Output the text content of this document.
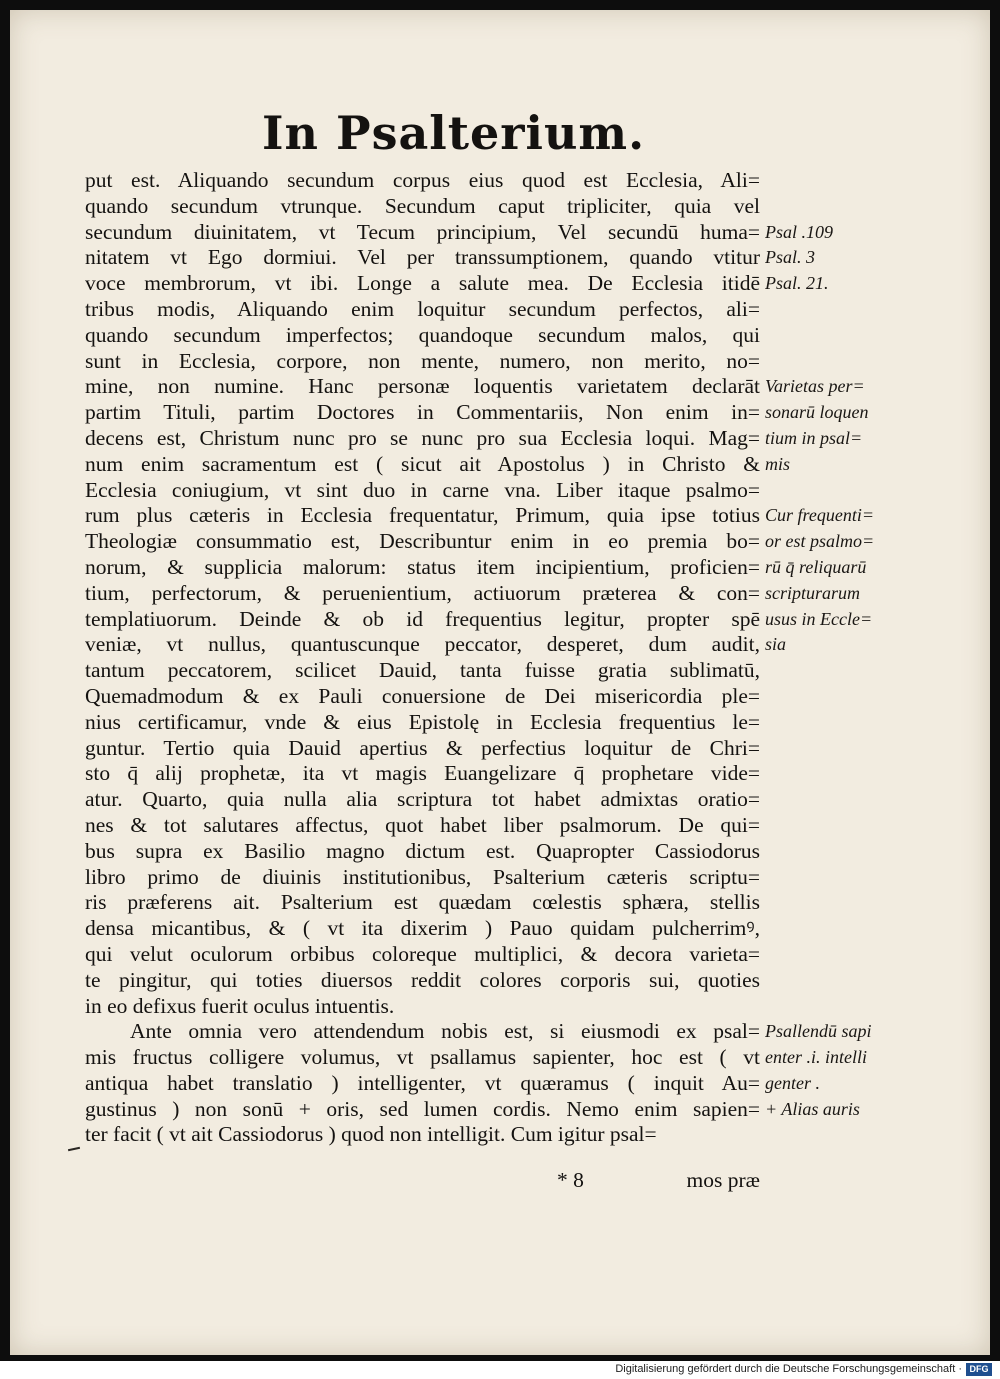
In Psalterium.
put est. Aliquando secundum corpus eius quod est Ecclesia, Ali=
quando secundum vtrunque. Secundum caput tripliciter, quia vel
secundum diuinitatem, vt Tecum principium, Vel secundū huma=
nitatem vt Ego dormiui. Vel per transsumptionem, quando vtitur
voce membrorum, vt ibi. Longe a salute mea. De Ecclesia itidē
tribus modis, Aliquando enim loquitur secundum perfectos, ali=
quando secundum imperfectos; quandoque secundum malos, qui
sunt in Ecclesia, corpore, non mente, numero, non merito, no=
mine, non numine. Hanc personæ loquentis varietatem declarāt
partim Tituli, partim Doctores in Commentariis, Non enim in=
decens est, Christum nunc pro se nunc pro sua Ecclesia loqui. Mag=
num enim sacramentum est ( sicut ait Apostolus ) in Christo &
Ecclesia coniugium, vt sint duo in carne vna. Liber itaque psalmo=
rum plus cæteris in Ecclesia frequentatur, Primum, quia ipse totius
Theologiæ consummatio est, Describuntur enim in eo premia bo=
norum, & supplicia malorum: status item incipientium, proficien=
tium, perfectorum, & peruenientium, actiuorum præterea & con=
templatiuorum. Deinde & ob id frequentius legitur, propter spē
veniæ, vt nullus, quantuscunque peccator, desperet, dum audit,
tantum peccatorem, scilicet Dauid, tanta fuisse gratia sublimatū,
Quemadmodum & ex Pauli conuersione de Dei misericordia ple=
nius certificamur, vnde & eius Epistolę in Ecclesia frequentius le=
guntur. Tertio quia Dauid apertius & perfectius loquitur de Chri=
sto q̄ alij prophetæ, ita vt magis Euangelizare q̄ prophetare vide=
atur. Quarto, quia nulla alia scriptura tot habet admixtas oratio=
nes & tot salutares affectus, quot habet liber psalmorum. De qui=
bus supra ex Basilio magno dictum est. Quapropter Cassiodorus
libro primo de diuinis institutionibus, Psalterium cæteris scriptu=
ris præferens ait. Psalterium est quædam cœlestis sphæra, stellis
densa micantibus, & ( vt ita dixerim ) Pauo quidam pulcherrimꝰ,
qui velut oculorum orbibus coloreque multiplici, & decora varieta=
te pingitur, qui toties diuersos reddit colores corporis sui, quoties
in eo defixus fuerit oculus intuentis.
Ante omnia vero attendendum nobis est, si eiusmodi ex psal=
mis fructus colligere volumus, vt psallamus sapienter, hoc est ( vt
antiqua habet translatio ) intelligenter, vt quæramus ( inquit Au=
gustinus ) non sonū + oris, sed lumen cordis. Nemo enim sapien=
ter facit ( vt ait Cassiodorus ) quod non intelligit. Cum igitur psal=
Psal .109
Psal. 3
Psal. 21.
Varietas per=
sonarū loquen
tium in psal=
mis
Cur frequenti=
or est psalmo=
rū q̄ reliquarū
scripturarum
usus in Eccle=
sia
Psallendū sapi
enter .i. intelli
genter .
+ Alias auris
* 8	mos præ
Digitalisierung gefördert durch die Deutsche Forschungsgemeinschaft · DFG
